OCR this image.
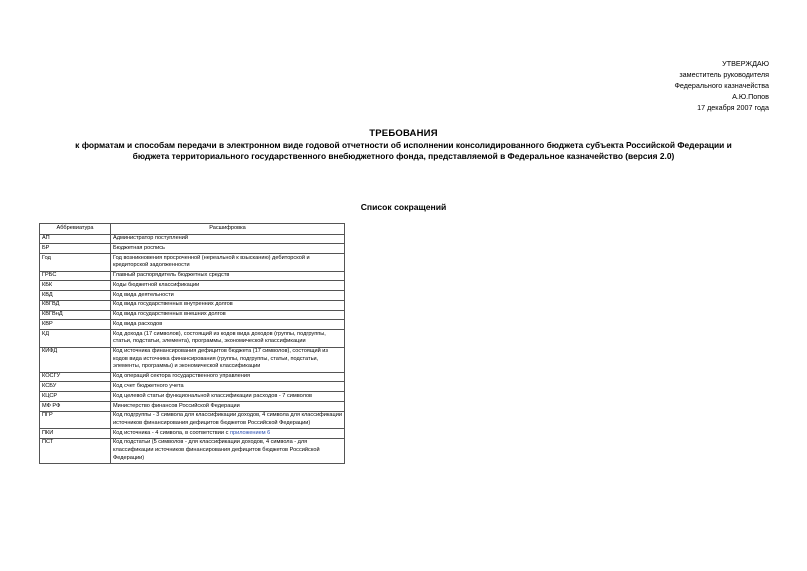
УТВЕРЖДАЮ
заместитель руководителя
Федерального казначейства
А.Ю.Попов
17 декабря 2007 года
ТРЕБОВАНИЯ
к форматам и способам передачи в электронном виде годовой отчетности об исполнении консолидированного бюджета субъекта Российской Федерации и
бюджета территориального государственного внебюджетного фонда, представляемой в Федеральное казначейство (версия 2.0)
Список сокращений
Аббревиатура	Расшифровка
АП	Администратор поступлений
БР	Бюджетная роспись
Год	Год возникновения просроченной (нереальной к взысканию) дебиторской и кредиторской задолженности
ГРБС	Главный распорядитель бюджетных средств
КБК	Коды бюджетной классификации
КВД	Код вида деятельности
КВГВД	Код вида государственных внутренних долгов
КВГВнД	Код вида государственных внешних долгов
КВР	Код вида расходов
КД	Код дохода (17 символов), состоящий из кодов вида доходов (группы, подгруппы, статьи, подстатьи, элемента), программы, экономической классификации
КИФД	Код источника финансирования дефицитов бюджета (17 символов), состоящий из кодов вида источника финансирования (группы, подгруппы, статьи, подстатьи, элементы, программы) и экономической классификации
КОСГУ	Код операций сектора государственного управления
КСБУ	Код счет бюджетного учета
КЦСР	Код целевой статьи функциональной классификации расходов - 7 символов
МФ РФ	Министерство финансов Российской Федерации
ПГР	Код подгруппы - 3 символа для классификации доходов, 4 символа для классификации источников финансирования дефицитов бюджетов Российской Федерации)
ПКИ	Код источника - 4 символа, в соответствии с приложением 6
ПСТ	Код подстатьи (5 символов - для классификации доходов, 4 символа - для классификации источников финансирования дефицитов бюджетов Российской Федерации)
